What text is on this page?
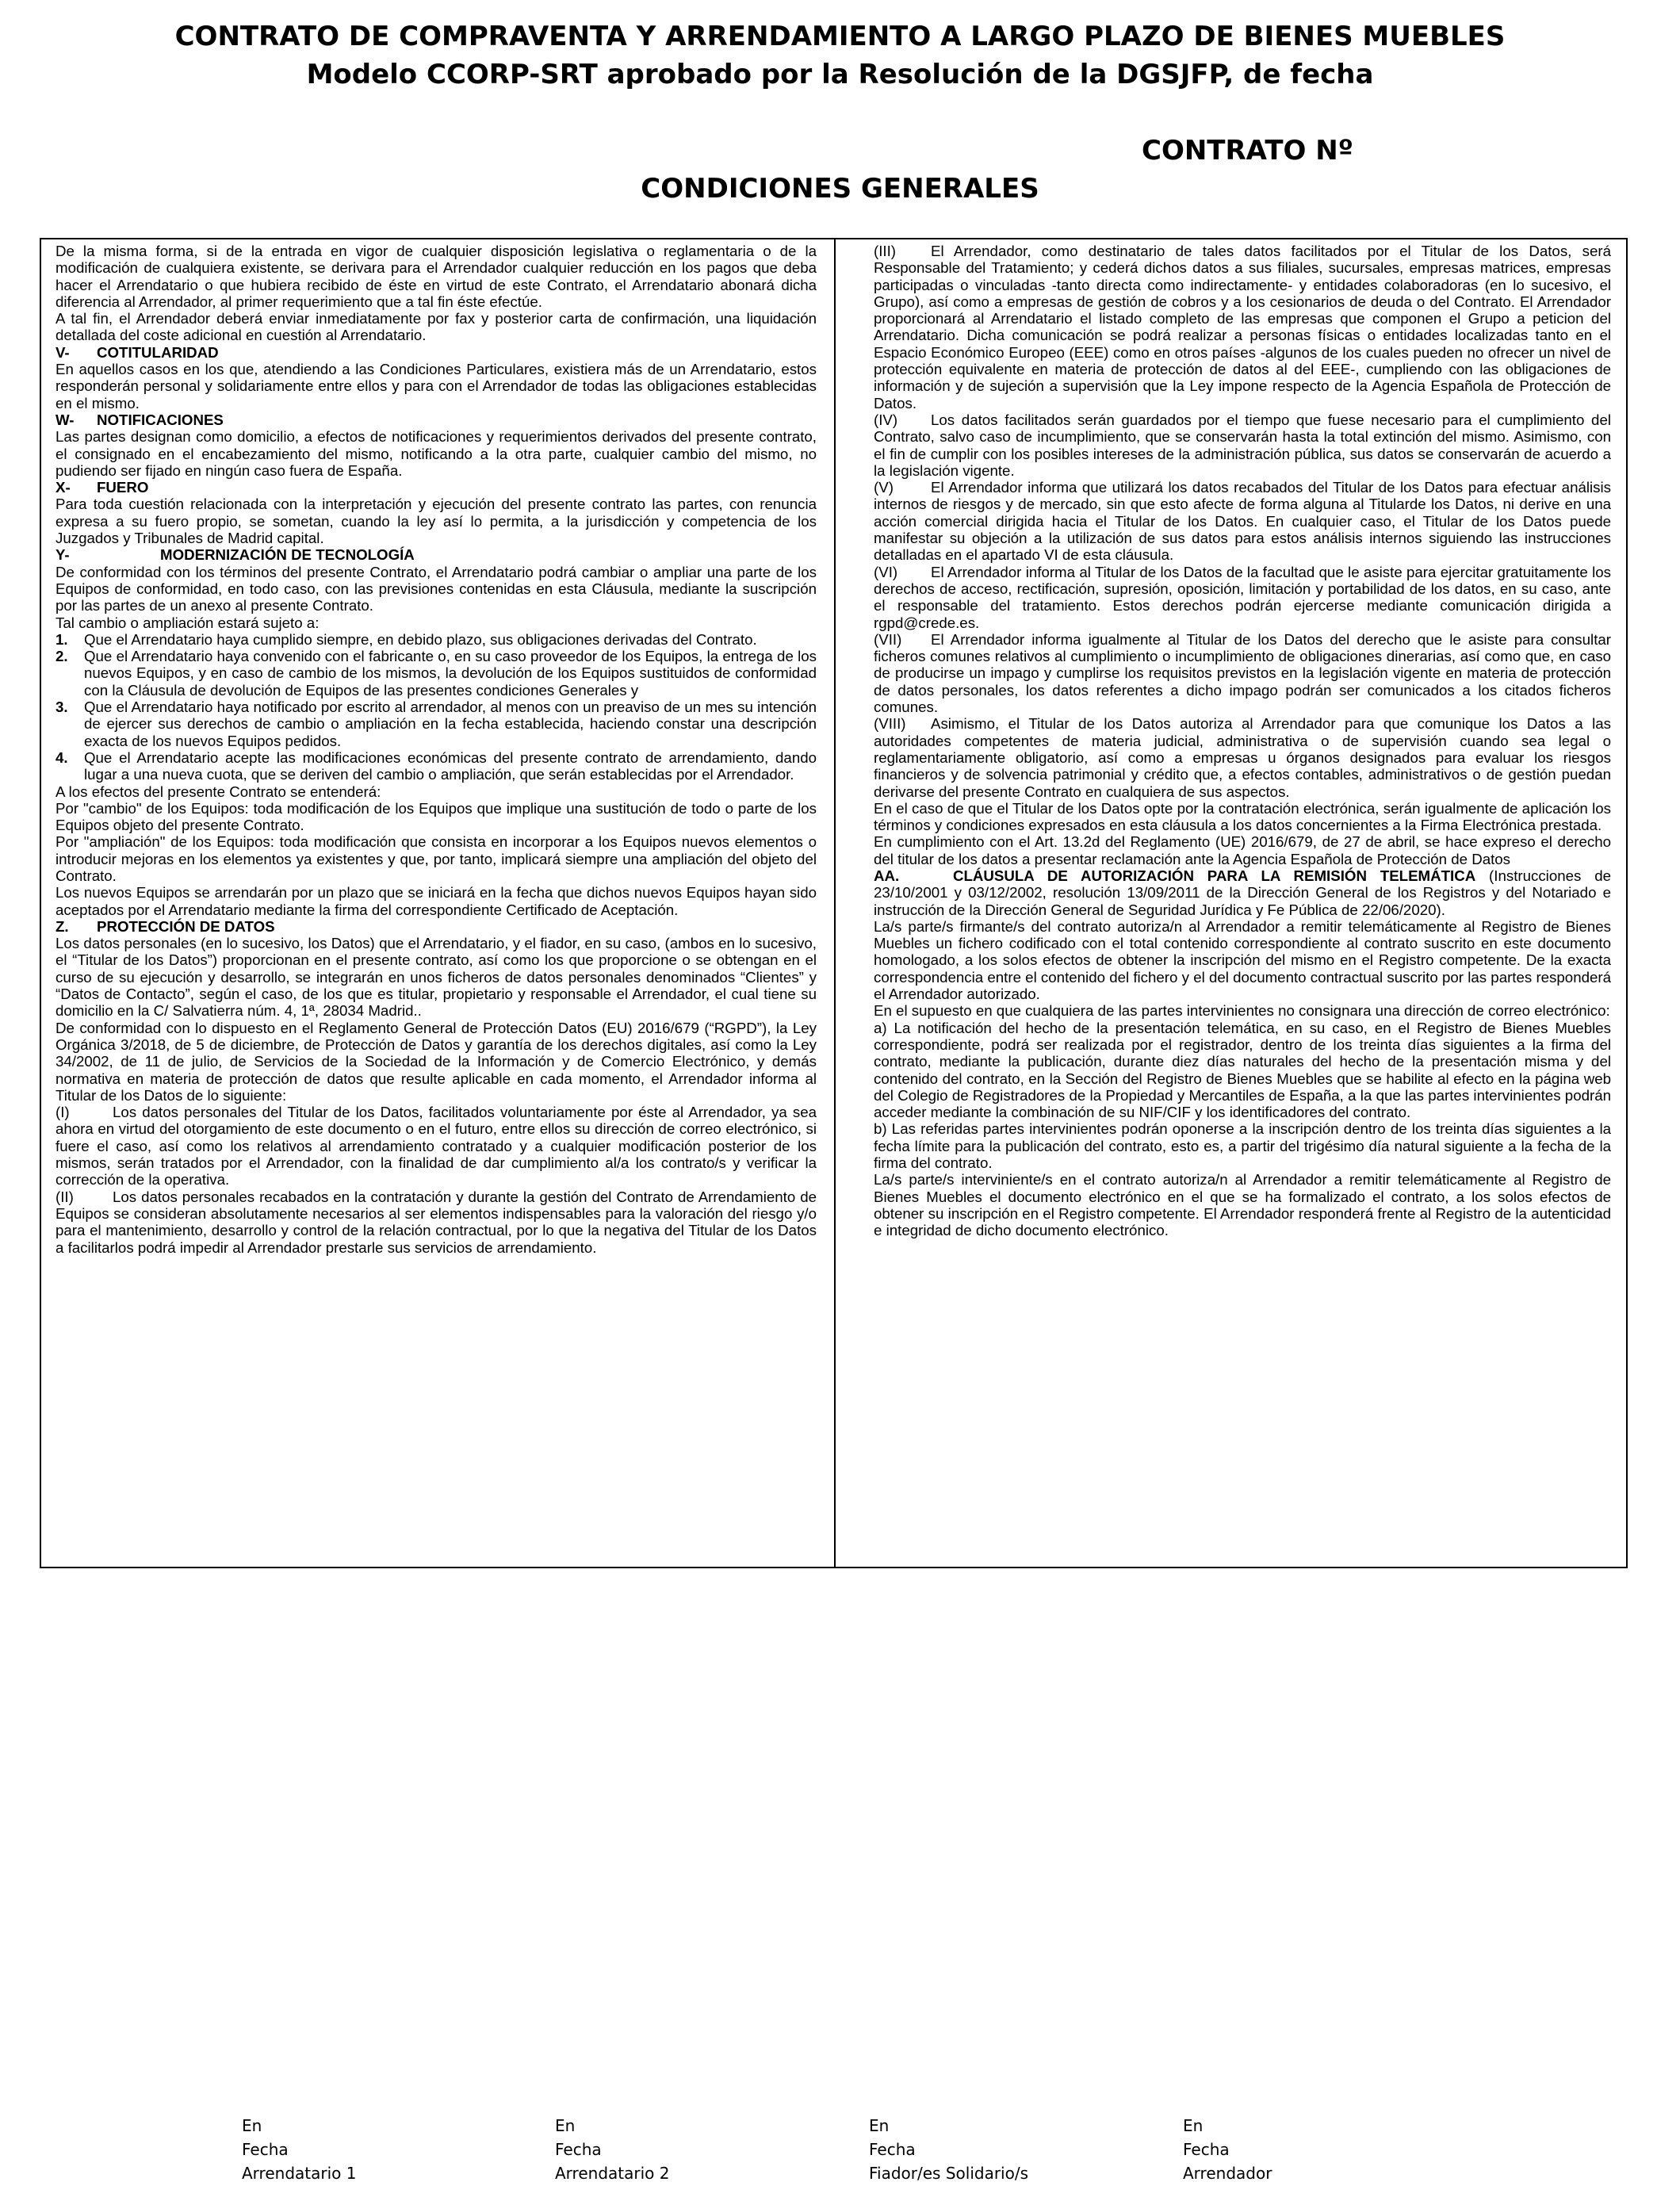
CONTRATO DE COMPRAVENTA Y ARRENDAMIENTO A LARGO PLAZO DE BIENES MUEBLES
Modelo CCORP-SRT aprobado por la Resolución de la DGSJFP, de fecha
CONTRATO Nº
CONDICIONES GENERALES

De la misma forma, si de la entrada en vigor de cualquier disposición legislativa o reglamentaria o de la modificación de cualquiera existente, se derivara para el Arrendador cualquier reducción en los pagos que deba hacer el Arrendatario o que hubiera recibido de éste en virtud de este Contrato, el Arrendatario abonará dicha diferencia al Arrendador, al primer requerimiento que a tal fin éste efectúe.

A tal fin, el Arrendador deberá enviar inmediatamente por fax y posterior carta de confirmación, una liquidación detallada del coste adicional en cuestión al Arrendatario.

V- COTITULARIDAD

En aquellos casos en los que, atendiendo a las Condiciones Particulares, existiera más de un Arrendatario, estos responderán personal y solidariamente entre ellos y para con el Arrendador de todas las obligaciones establecidas en el mismo.

W- NOTIFICACIONES

Las partes designan como domicilio, a efectos de notificaciones y requerimientos derivados del presente contrato, el consignado en el encabezamiento del mismo, notificando a la otra parte, cualquier cambio del mismo, no pudiendo ser fijado en ningún caso fuera de España.

X- FUERO

Para toda cuestión relacionada con la interpretación y ejecución del presente contrato las partes, con renuncia expresa a su fuero propio, se sometan, cuando la ley así lo permita, a la jurisdicción y competencia de los Juzgados y Tribunales de Madrid capital.

Y-	MODERNIZACIÓN DE TECNOLOGÍA

De conformidad con los términos del presente Contrato, el Arrendatario podrá cambiar o ampliar una parte de los Equipos de conformidad, en todo caso, con las previsiones contenidas en esta Cláusula, mediante la suscripción por las partes de un anexo al presente Contrato.

Tal cambio o ampliación estará sujeto a:

1.	Que el Arrendatario haya cumplido siempre, en debido plazo, sus obligaciones derivadas del Contrato.
2.	Que el Arrendatario haya convenido con el fabricante o, en su caso proveedor de los Equipos, la entrega de los nuevos Equipos, y en caso de cambio de los mismos, la devolución de los Equipos sustituidos de conformidad con la Cláusula de devolución de Equipos de las presentes condiciones Generales y
3.	Que el Arrendatario haya notificado por escrito al arrendador, al menos con un preaviso de un mes su intención de ejercer sus derechos de cambio o ampliación en la fecha establecida, haciendo constar una descripción exacta de los nuevos Equipos pedidos.
4.	Que el Arrendatario acepte las modificaciones económicas del presente contrato de arrendamiento, dando lugar a una nueva cuota, que se deriven del cambio o ampliación, que serán establecidas por el Arrendador.

A los efectos del presente Contrato se entenderá:

Por "cambio" de los Equipos: toda modificación de los Equipos que implique una sustitución de todo o parte de los Equipos objeto del presente Contrato.

Por "ampliación" de los Equipos: toda modificación que consista en incorporar a los Equipos nuevos elementos o introducir mejoras en los elementos ya existentes y que, por tanto, implicará siempre una ampliación del objeto del Contrato.

Los nuevos Equipos se arrendarán por un plazo que se iniciará en la fecha que dichos nuevos Equipos hayan sido aceptados por el Arrendatario mediante la firma del correspondiente Certificado de Aceptación.

Z. PROTECCIÓN DE DATOS

Los datos personales (en lo sucesivo, los Datos) que el Arrendatario, y el fiador, en su caso, (ambos en lo sucesivo, el “Titular de los Datos”) proporcionan en el presente contrato, así como los que proporcione o se obtengan en el curso de su ejecución y desarrollo, se integrarán en unos ficheros de datos personales denominados “Clientes” y “Datos de Contacto”, según el caso, de los que es titular, propietario y responsable el Arrendador, el cual tiene su domicilio en la C/ Salvatierra núm. 4, 1ª, 28034 Madrid..

De conformidad con lo dispuesto en el Reglamento General de Protección Datos (EU) 2016/679 (“RGPD”), la Ley Orgánica 3/2018, de 5 de diciembre, de Protección de Datos y garantía de los derechos digitales, así como la Ley 34/2002, de 11 de julio, de Servicios de la Sociedad de la Información y de Comercio Electrónico, y demás normativa en materia de protección de datos que resulte aplicable en cada momento, el Arrendador informa al Titular de los Datos de lo siguiente:

(I)	Los datos personales del Titular de los Datos, facilitados voluntariamente por éste al Arrendador, ya sea ahora en virtud del otorgamiento de este documento o en el futuro, entre ellos su dirección de correo electrónico, si fuere el caso, así como los relativos al arrendamiento contratado y a cualquier modificación posterior de los mismos, serán tratados por el Arrendador, con la finalidad de dar cumplimiento al/a los contrato/s y verificar la corrección de la operativa.

(II)	Los datos personales recabados en la contratación y durante la gestión del Contrato de Arrendamiento de Equipos se consideran absolutamente necesarios al ser elementos indispensables para la valoración del riesgo y/o para el mantenimiento, desarrollo y control de la relación contractual, por lo que la negativa del Titular de los Datos a facilitarlos podrá impedir al Arrendador prestarle sus servicios de arrendamiento.

(III) El Arrendador, como destinatario de tales datos facilitados por el Titular de los Datos, será Responsable del Tratamiento; y cederá dichos datos a sus filiales, sucursales, empresas matrices, empresas participadas o vinculadas -tanto directa como indirectamente- y entidades colaboradoras (en lo sucesivo, el Grupo), así como a empresas de gestión de cobros y a los cesionarios de deuda o del Contrato. El Arrendador proporcionará al Arrendatario el listado completo de las empresas que componen el Grupo a peticion del Arrendatario. Dicha comunicación se podrá realizar a personas físicas o entidades localizadas tanto en el Espacio Económico Europeo (EEE) como en otros países -algunos de los cuales pueden no ofrecer un nivel de protección equivalente en materia de protección de datos al del EEE-, cumpliendo con las obligaciones de información y de sujeción a supervisión que la Ley impone respecto de la Agencia Española de Protección de Datos.

(IV) Los datos facilitados serán guardados por el tiempo que fuese necesario para el cumplimiento del Contrato, salvo caso de incumplimiento, que se conservarán hasta la total extinción del mismo. Asimismo, con el fin de cumplir con los posibles intereses de la administración pública, sus datos se conservarán de acuerdo a la legislación vigente.

(V)	El Arrendador informa que utilizará los datos recabados del Titular de los Datos para efectuar análisis internos de riesgos y de mercado, sin que esto afecte de forma alguna al Titularde los Datos, ni derive en una acción comercial dirigida hacia el Titular de los Datos. En cualquier caso, el Titular de los Datos puede manifestar su objeción a la utilización de sus datos para estos análisis internos siguiendo las instrucciones detalladas en el apartado VI de esta cláusula.

(VI) El Arrendador informa al Titular de los Datos de la facultad que le asiste para ejercitar gratuitamente los derechos de acceso, rectificación, supresión, oposición, limitación y portabilidad de los datos, en su caso, ante el responsable del tratamiento. Estos derechos podrán ejercerse mediante comunicación dirigida a rgpd@crede.es.

(VII) El Arrendador informa igualmente al Titular de los Datos del derecho que le asiste para consultar ficheros comunes relativos al cumplimiento o incumplimiento de obligaciones dinerarias, así como que, en caso de producirse un impago y cumplirse los requisitos previstos en la legislación vigente en materia de protección de datos personales, los datos referentes a dicho impago podrán ser comunicados a los citados ficheros comunes.

(VIII) Asimismo, el Titular de los Datos autoriza al Arrendador para que comunique los Datos a las autoridades competentes de materia judicial, administrativa o de supervisión cuando sea legal o reglamentariamente obligatorio, así como a empresas u órganos designados para evaluar los riesgos financieros y de solvencia patrimonial y crédito que, a efectos contables, administrativos o de gestión puedan derivarse del presente Contrato en cualquiera de sus aspectos.

En el caso de que el Titular de los Datos opte por la contratación electrónica, serán igualmente de aplicación los términos y condiciones expresados en esta cláusula a los datos concernientes a la Firma Electrónica prestada.

En cumplimiento con el Art. 13.2d del Reglamento (UE) 2016/679, de 27 de abril, se hace expreso el derecho del titular de los datos a presentar reclamación ante la Agencia Española de Protección de Datos

AA.	CLÁUSULA DE AUTORIZACIÓN PARA LA REMISIÓN TELEMÁTICA (Instrucciones de 23/10/2001 y 03/12/2002, resolución 13/09/2011 de la Dirección General de los Registros y del Notariado e instrucción de la Dirección General de Seguridad Jurídica y Fe Pública de 22/06/2020).

La/s parte/s firmante/s del contrato autoriza/n al Arrendador a remitir telemáticamente al Registro de Bienes Muebles un fichero codificado con el total contenido correspondiente al contrato suscrito en este documento homologado, a los solos efectos de obtener la inscripción del mismo en el Registro competente. De la exacta correspondencia entre el contenido del fichero y el del documento contractual suscrito por las partes responderá el Arrendador autorizado.

En el supuesto en que cualquiera de las partes intervinientes no consignara una dirección de correo electrónico:

a) La notificación del hecho de la presentación telemática, en su caso, en el Registro de Bienes Muebles correspondiente, podrá ser realizada por el registrador, dentro de los treinta días siguientes a la firma del contrato, mediante la publicación, durante diez días naturales del hecho de la presentación misma y del contenido del contrato, en la Sección del Registro de Bienes Muebles que se habilite al efecto en la página web del Colegio de Registradores de la Propiedad y Mercantiles de España, a la que las partes intervinientes podrán acceder mediante la combinación de su NIF/CIF y los identificadores del contrato.

b) Las referidas partes intervinientes podrán oponerse a la inscripción dentro de los treinta días siguientes a la fecha límite para la publicación del contrato, esto es, a partir del trigésimo día natural siguiente a la fecha de la firma del contrato.

La/s parte/s interviniente/s en el contrato autoriza/n al Arrendador a remitir telemáticamente al Registro de Bienes Muebles el documento electrónico en el que se ha formalizado el contrato, a los solos efectos de obtener su inscripción en el Registro competente. El Arrendador responderá frente al Registro de la autenticidad e integridad de dicho documento electrónico.

En
Fecha
Arrendatario 1
En
Fecha
Arrendatario 2
En
Fecha
Fiador/es Solidario/s
En
Fecha
Arrendador
